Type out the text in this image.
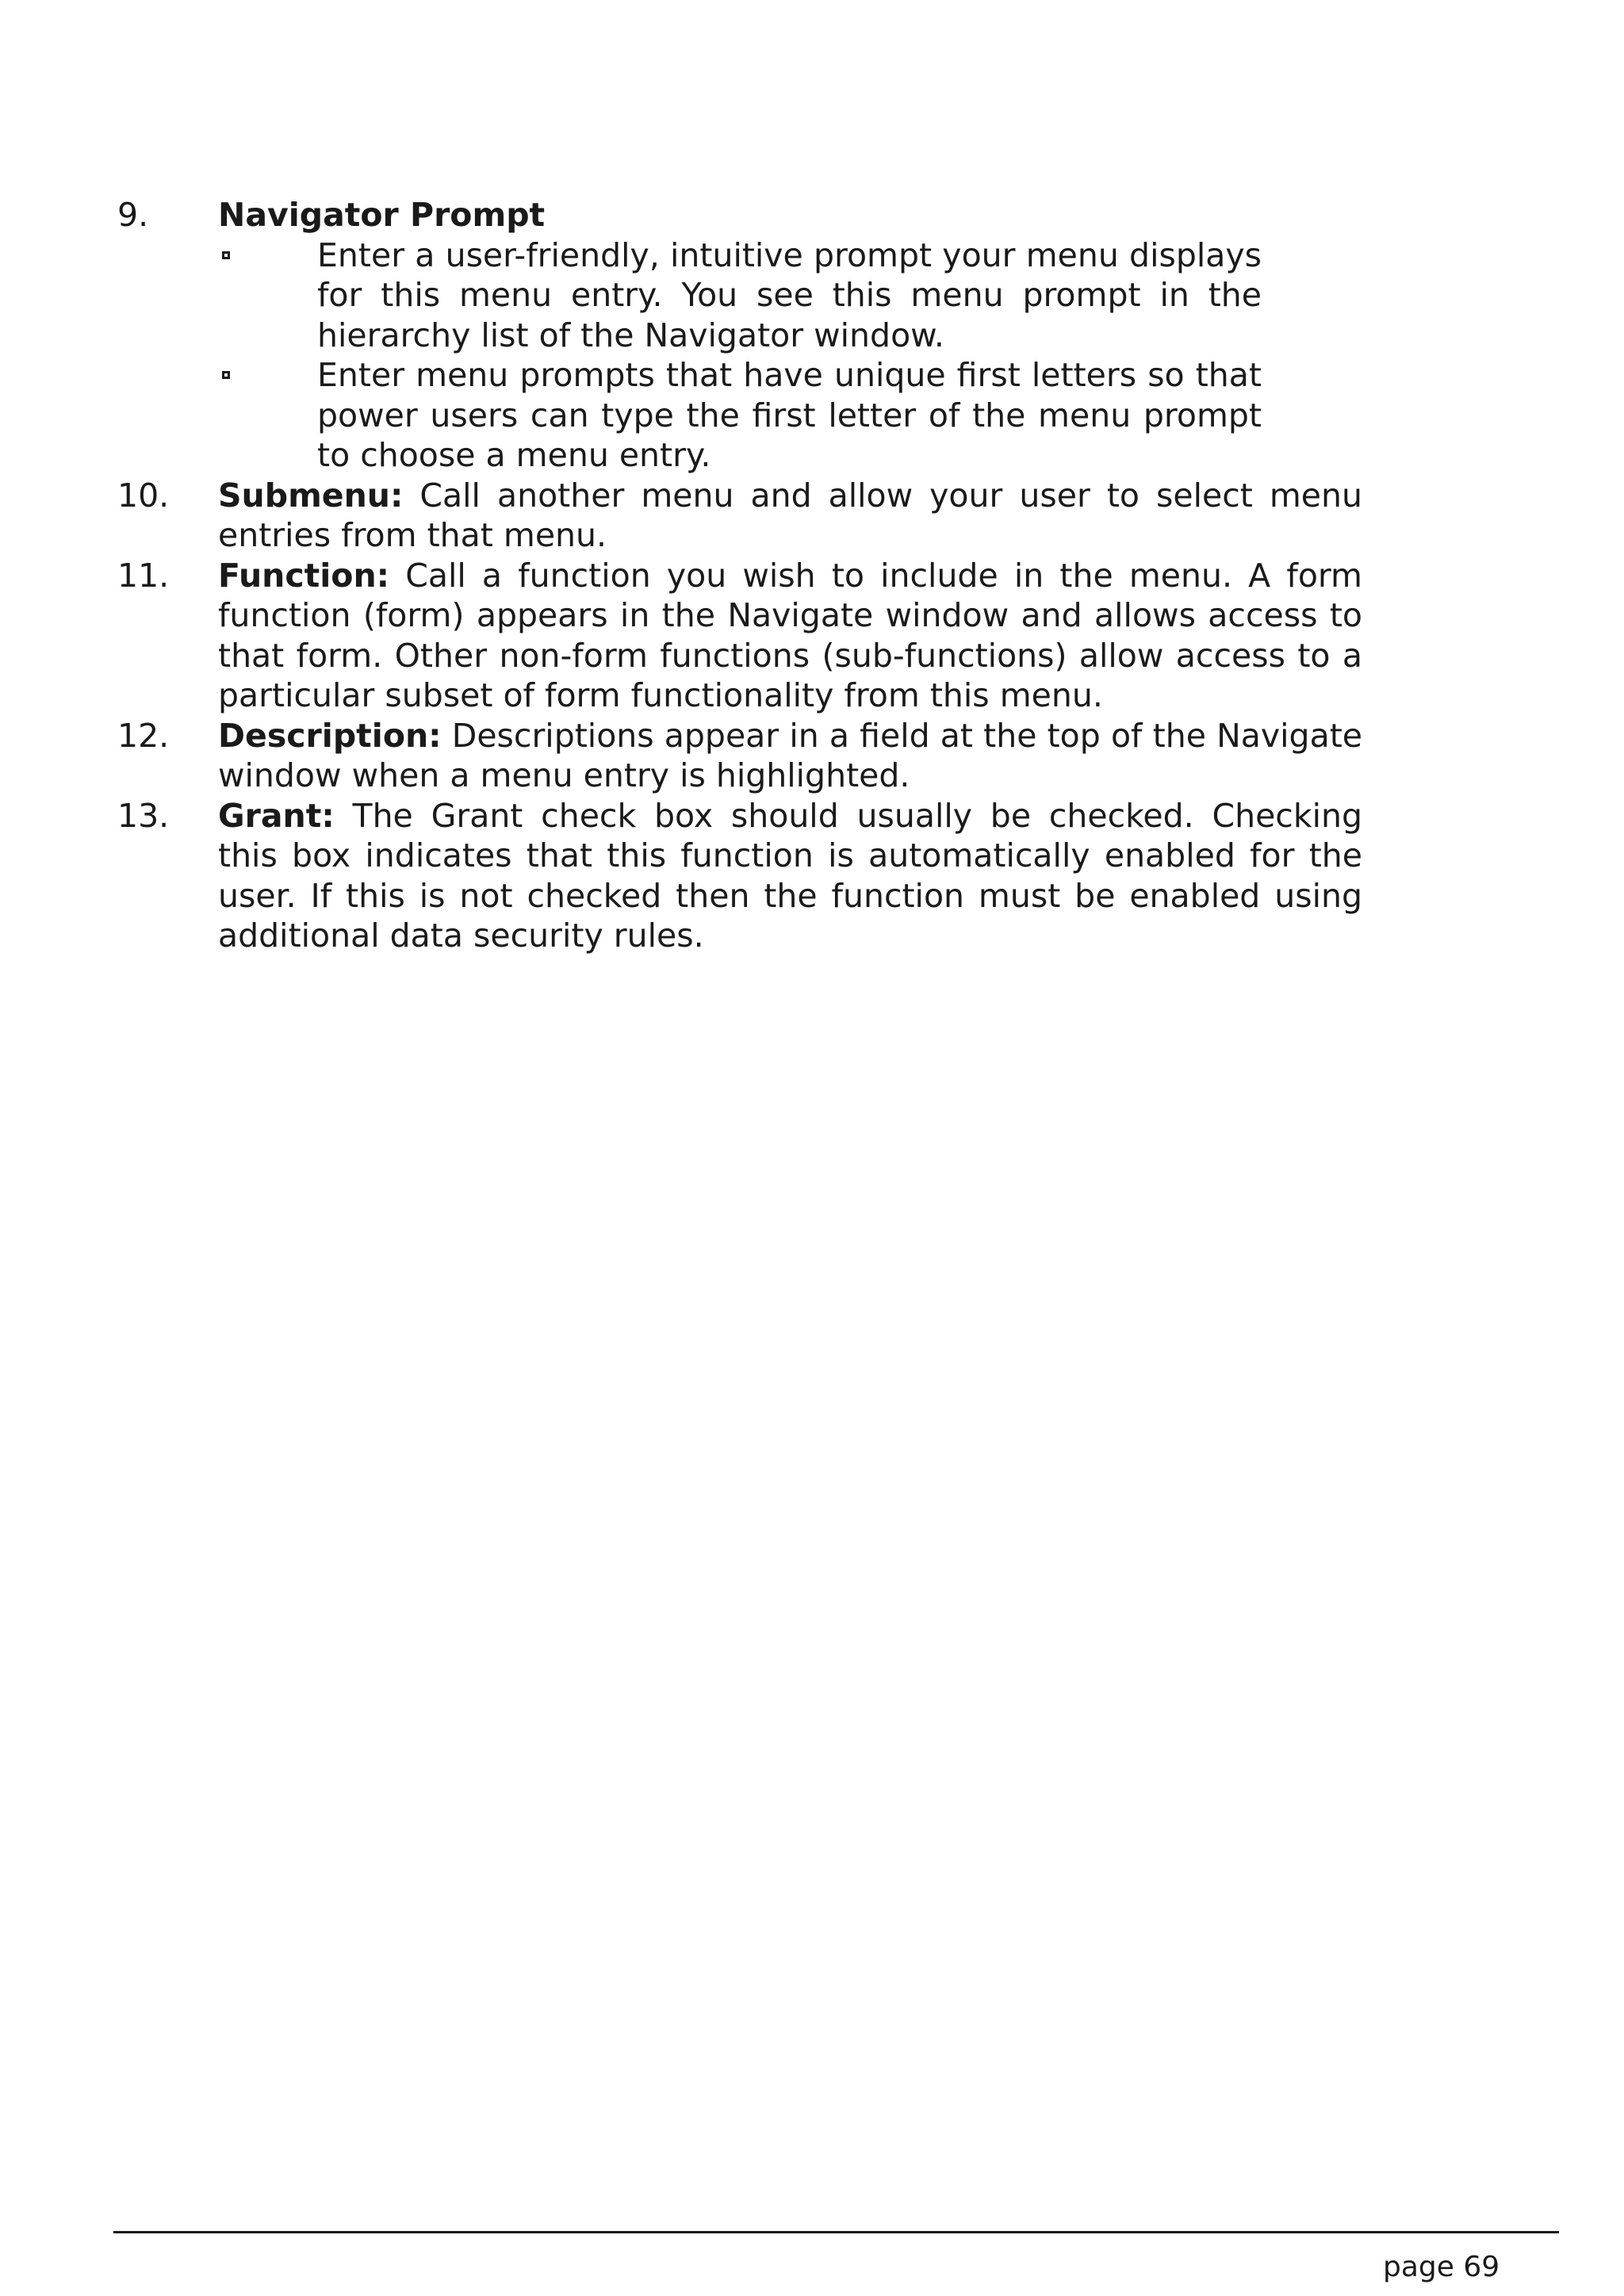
9. Navigator Prompt
Enter a user-friendly, intuitive prompt your menu displays for this menu entry. You see this menu prompt in the hierarchy list of the Navigator window.
Enter menu prompts that have unique first letters so that power users can type the first letter of the menu prompt to choose a menu entry.
10. Submenu: Call another menu and allow your user to select menu entries from that menu.
11. Function: Call a function you wish to include in the menu. A form function (form) appears in the Navigate window and allows access to that form. Other non-form functions (sub-functions) allow access to a particular subset of form functionality from this menu.
12. Description: Descriptions appear in a field at the top of the Navigate window when a menu entry is highlighted.
13. Grant: The Grant check box should usually be checked. Checking this box indicates that this function is automatically enabled for the user. If this is not checked then the function must be enabled using additional data security rules.
page 69
